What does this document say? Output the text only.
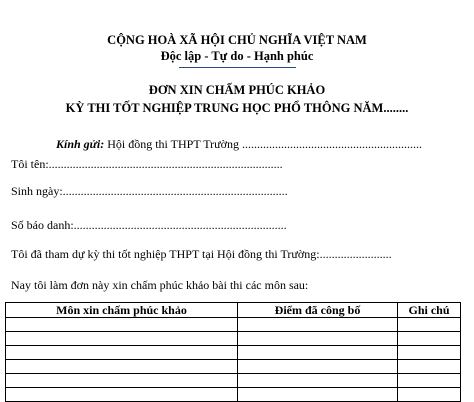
CỘNG HOÀ XÃ HỘI CHỦ NGHĨA VIỆT NAM
Độc lập - Tự do - Hạnh phúc
ĐƠN XIN CHẤM PHÚC KHẢO
KỲ THI TỐT NGHIỆP TRUNG HỌC PHỔ THÔNG NĂM........
Kính gửi: Hội đồng thi THPT Trường ............................................................
Tôi tên:..............................................................................
Sinh ngày:...........................................................................
Số báo danh:.......................................................................
Tôi đã tham dự kỳ thi tốt nghiệp THPT tại Hội đồng thi Trường:........................
Nay tôi làm đơn này xin chấm phúc khảo bài thi các môn sau:
Môn xin chấm phúc khảo	Điểm đã công bố	Ghi chú
